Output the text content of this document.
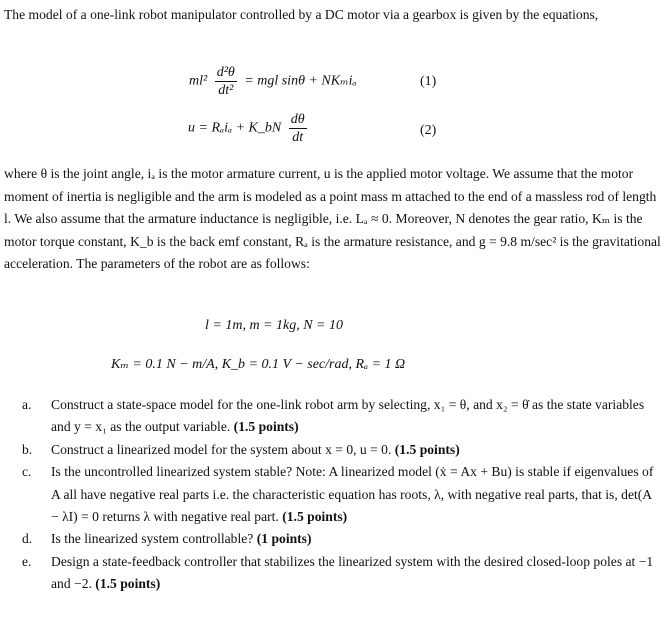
The model of a one-link robot manipulator controlled by a DC motor via a gearbox is given by the equations,

$ml^2 \frac{\text{d²θ}}{\text{dt²}}$ = mgl sinθ + NKₘiₐ	(1)
u = Rₐiₐ + K_bN $\frac{d\theta}{dt}$	(2)

where θ is the joint angle, iₐ is the motor armature current, u is the applied motor voltage. We assume that the motor moment of inertia is negligible and the arm is modeled as a point mass m attached to the end of a massless rod of length l. We also assume that the armature inductance is negligible, i.e. Lₐ ≈ 0. Moreover, N denotes the gear ratio, Kₘ is the motor torque constant, K_b is the back emf constant, Rₐ is the armature resistance, and g = 9.8 m/sec² is the gravitational acceleration. The parameters of the robot are as follows:

l = 1m, m = 1kg, N = 10
Kₘ = 0.1 N − m/A, K_b = 0.1 V − sec/rad, Rₐ = 1 Ω

a. Construct a state-space model for the one-link robot arm by selecting, x₁ = θ, and x₂ = θ̇ as the state variables and y = x₁ as the output variable. (1.5 points)

b. Construct a linearized model for the system about x = 0, u = 0. (1.5 points)

c. Is the uncontrolled linearized system stable? Note: A linearized model (ẋ = Ax + Bu) is stable if eigenvalues of A all have negative real parts i.e. the characteristic equation has roots, λ, with negative real parts, that is, det(A − λI) = 0 returns λ with negative real part. (1.5 points)

d. Is the linearized system controllable? (1 points)

e. Design a state-feedback controller that stabilizes the linearized system with the desired closed-loop poles at −1 and −2. (1.5 points)
